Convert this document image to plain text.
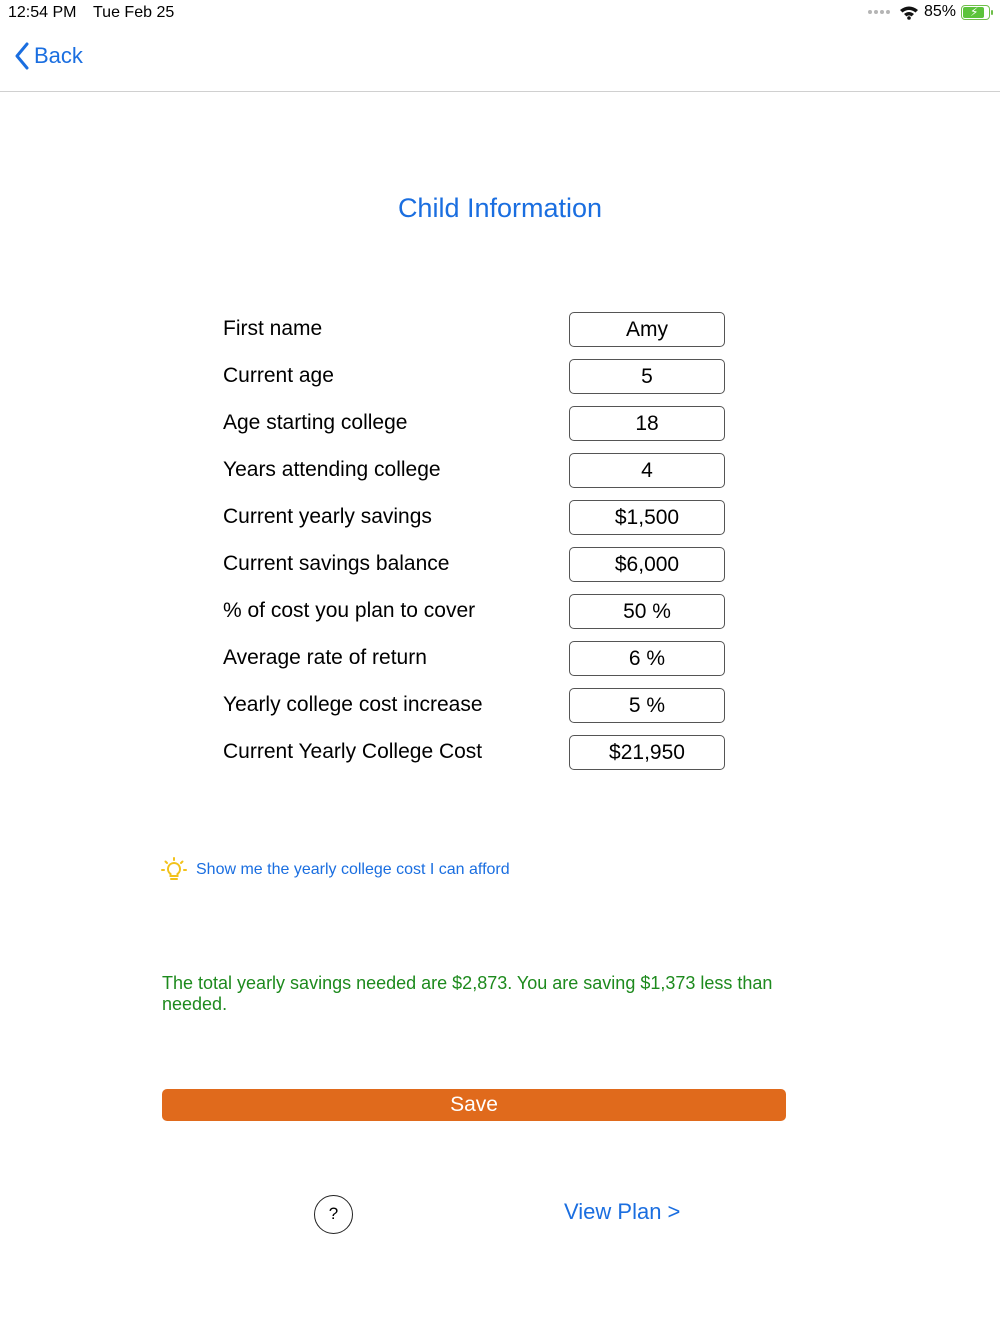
12:54 PM Tue Feb 25	85% ⚡
Back
Child Information
First name	Amy
Current age	5
Age starting college	18
Years attending college	4
Current yearly savings	$1,500
Current savings balance	$6,000
% of cost you plan to cover	50 %
Average rate of return	6 %
Yearly college cost increase	5 %
Current Yearly College Cost	$21,950
Show me the yearly college cost I can afford
The total yearly savings needed are $2,873. You are saving $1,373 less than needed.
Save
?	View Plan >
